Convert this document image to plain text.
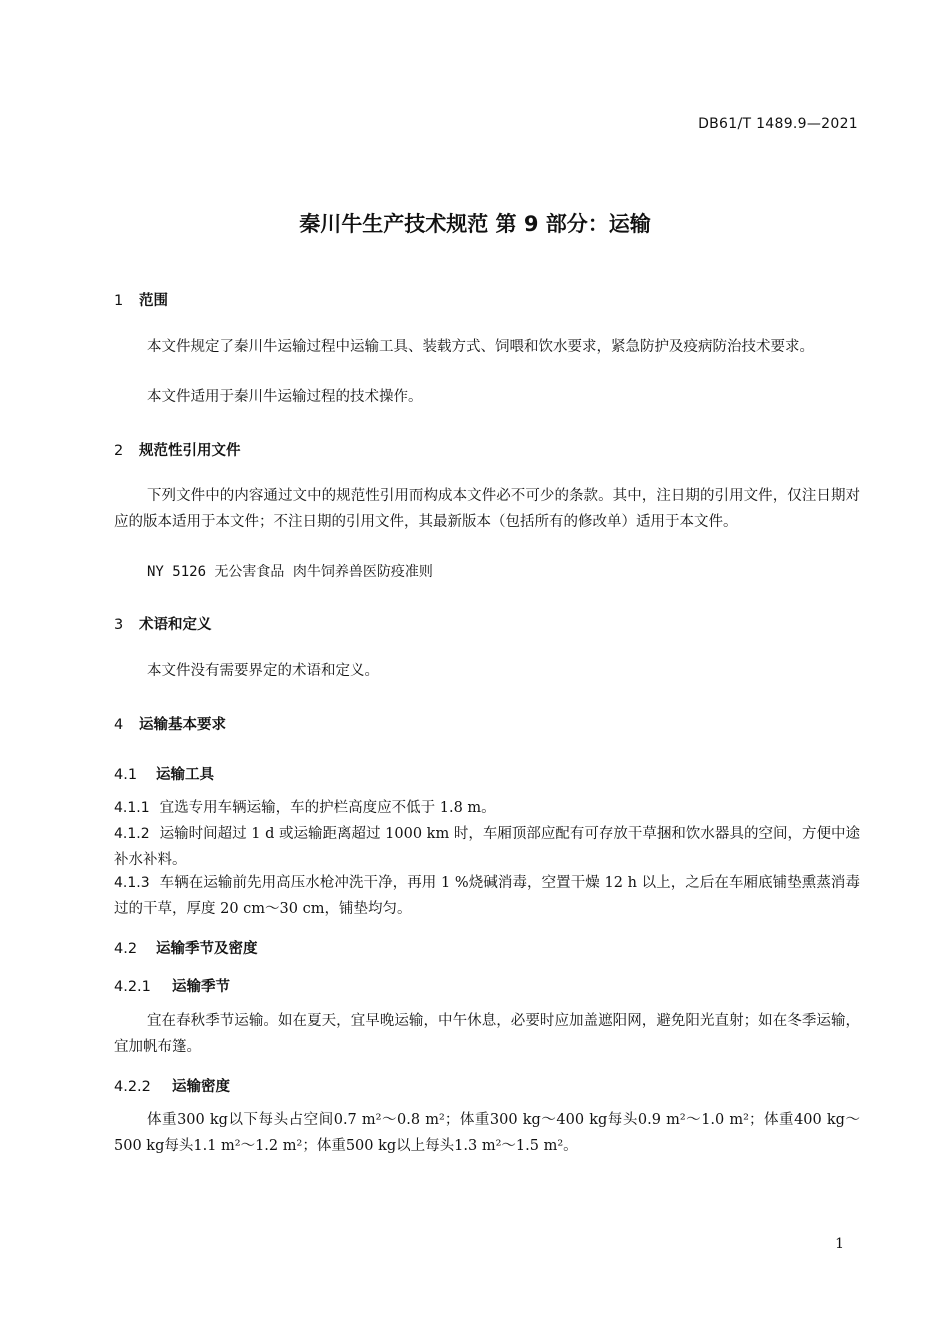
DB61/T 1489.9—2021
秦川牛生产技术规范 第 9 部分：运输
1 范围
本文件规定了秦川牛运输过程中运输工具、装载方式、饲喂和饮水要求，紧急防护及疫病防治技术要求。
本文件适用于秦川牛运输过程的技术操作。
2 规范性引用文件
下列文件中的内容通过文中的规范性引用而构成本文件必不可少的条款。其中，注日期的引用文件，仅注日期对应的版本适用于本文件；不注日期的引用文件，其最新版本（包括所有的修改单）适用于本文件。
NY 5126 无公害食品 肉牛饲养兽医防疫准则
3 术语和定义
本文件没有需要界定的术语和定义。
4 运输基本要求
4.1 运输工具
4.1.1 宜选专用车辆运输，车的护栏高度应不低于 1.8 m。
4.1.2 运输时间超过 1 d 或运输距离超过 1000 km 时，车厢顶部应配有可存放干草捆和饮水器具的空间，方便中途补水补料。
4.1.3 车辆在运输前先用高压水枪冲洗干净，再用 1 %烧碱消毒，空置干燥 12 h 以上，之后在车厢底铺垫熏蒸消毒过的干草，厚度 20 cm～30 cm，铺垫均匀。
4.2 运输季节及密度
4.2.1 运输季节
宜在春秋季节运输。如在夏天，宜早晚运输，中午休息，必要时应加盖遮阳网，避免阳光直射；如在冬季运输，宜加帆布篷。
4.2.2 运输密度
体重300 kg以下每头占空间0.7 m²～0.8 m²；体重300 kg～400 kg每头0.9 m²～1.0 m²；体重400 kg～500 kg每头1.1 m²～1.2 m²；体重500 kg以上每头1.3 m²～1.5 m²。
1
